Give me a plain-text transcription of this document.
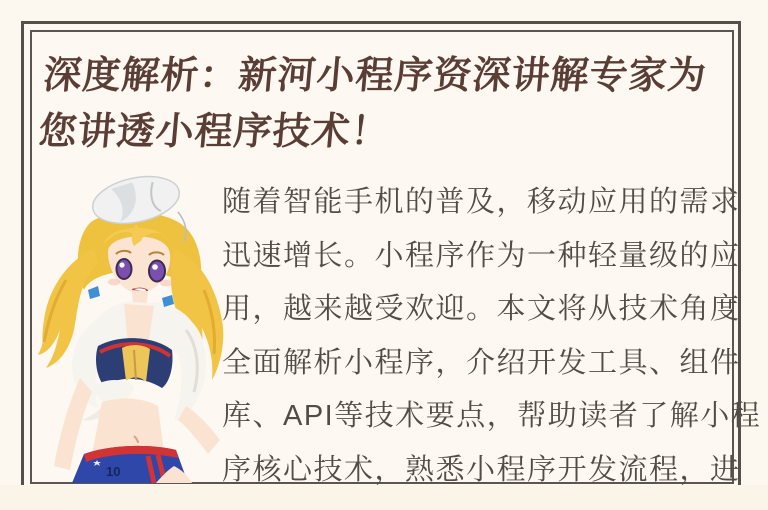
深度解析：新河小程序资深讲解专家为
您讲透小程序技术！
10
随着智能手机的普及，移动应用的需求
迅速增长。小程序作为一种轻量级的应
用，越来越受欢迎。本文将从技术角度
全面解析小程序，介绍开发工具、组件
库、API等技术要点，帮助读者了解小程
序核心技术，熟悉小程序开发流程，进
